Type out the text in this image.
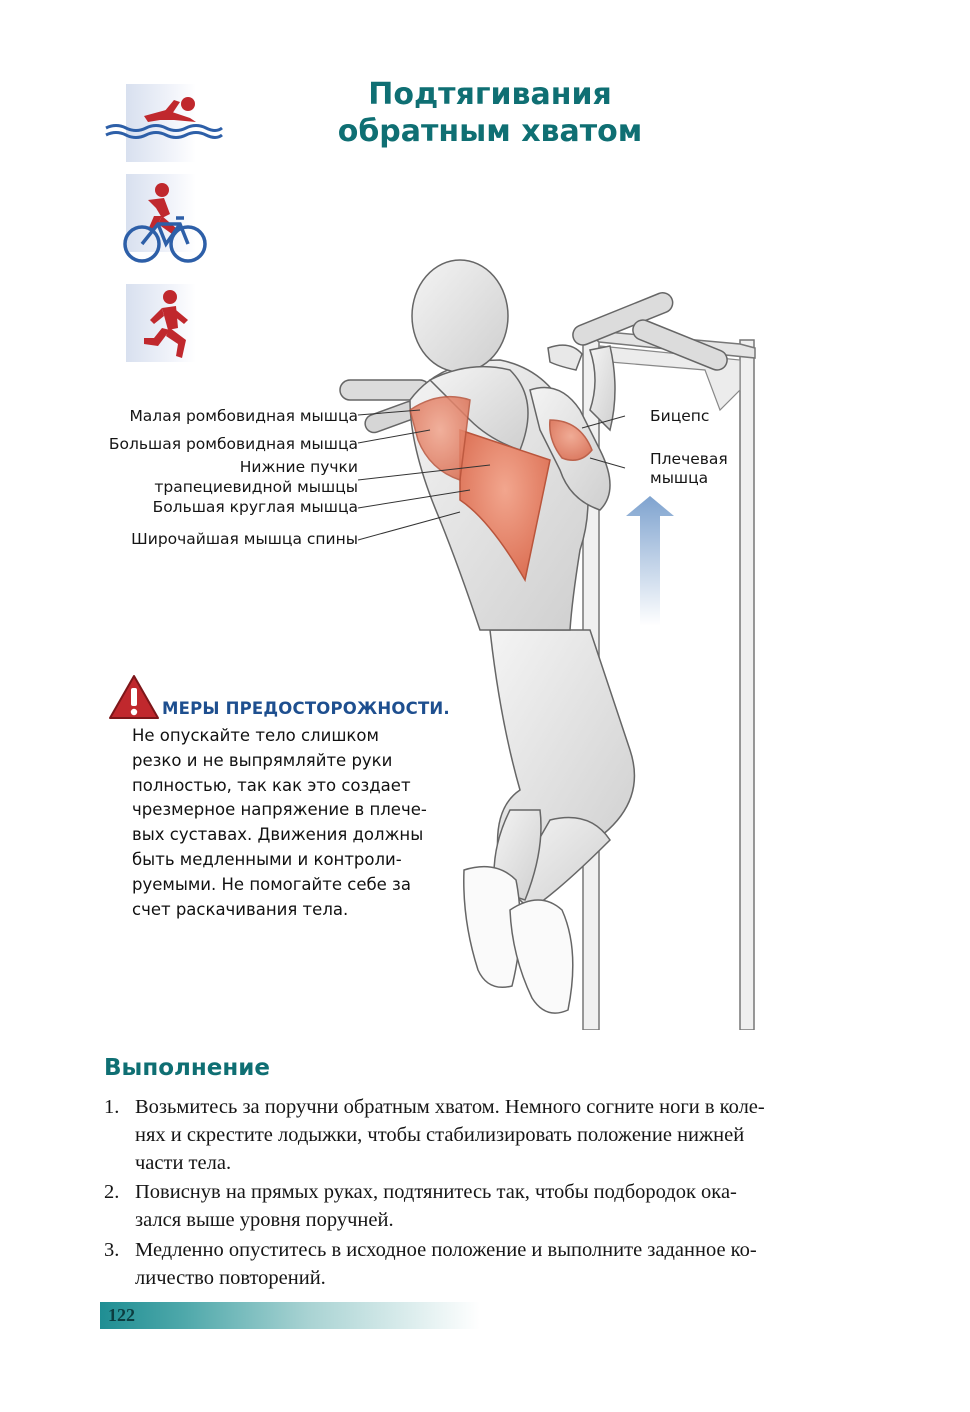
Подтягивания
обратным хватом
Малая ромбовидная мышца
Большая ромбовидная мышца
Нижние пучки
трапециевидной мышцы
Большая круглая мышца
Широчайшая мышца спины
Бицепс
Плечевая
мышца
МЕРЫ ПРЕДОСТОРОЖНОСТИ.
Не опускайте тело слишком
резко и не выпрямляйте руки
полностью, так как это создает
чрезмерное напряжение в плече-
вых суставах. Движения должны
быть медленными и контроли-
руемыми. Не помогайте себе за
счет раскачивания тела.
Выполнение
1. Возьмитесь за поручни обратным хватом. Немного согните ноги в коле-
нях и скрестите лодыжки, чтобы стабилизировать положение нижней
части тела.
2. Повиснув на прямых руках, подтянитесь так, чтобы подбородок ока-
зался выше уровня поручней.
3. Медленно опуститесь в исходное положение и выполните заданное ко-
личество повторений.
122
